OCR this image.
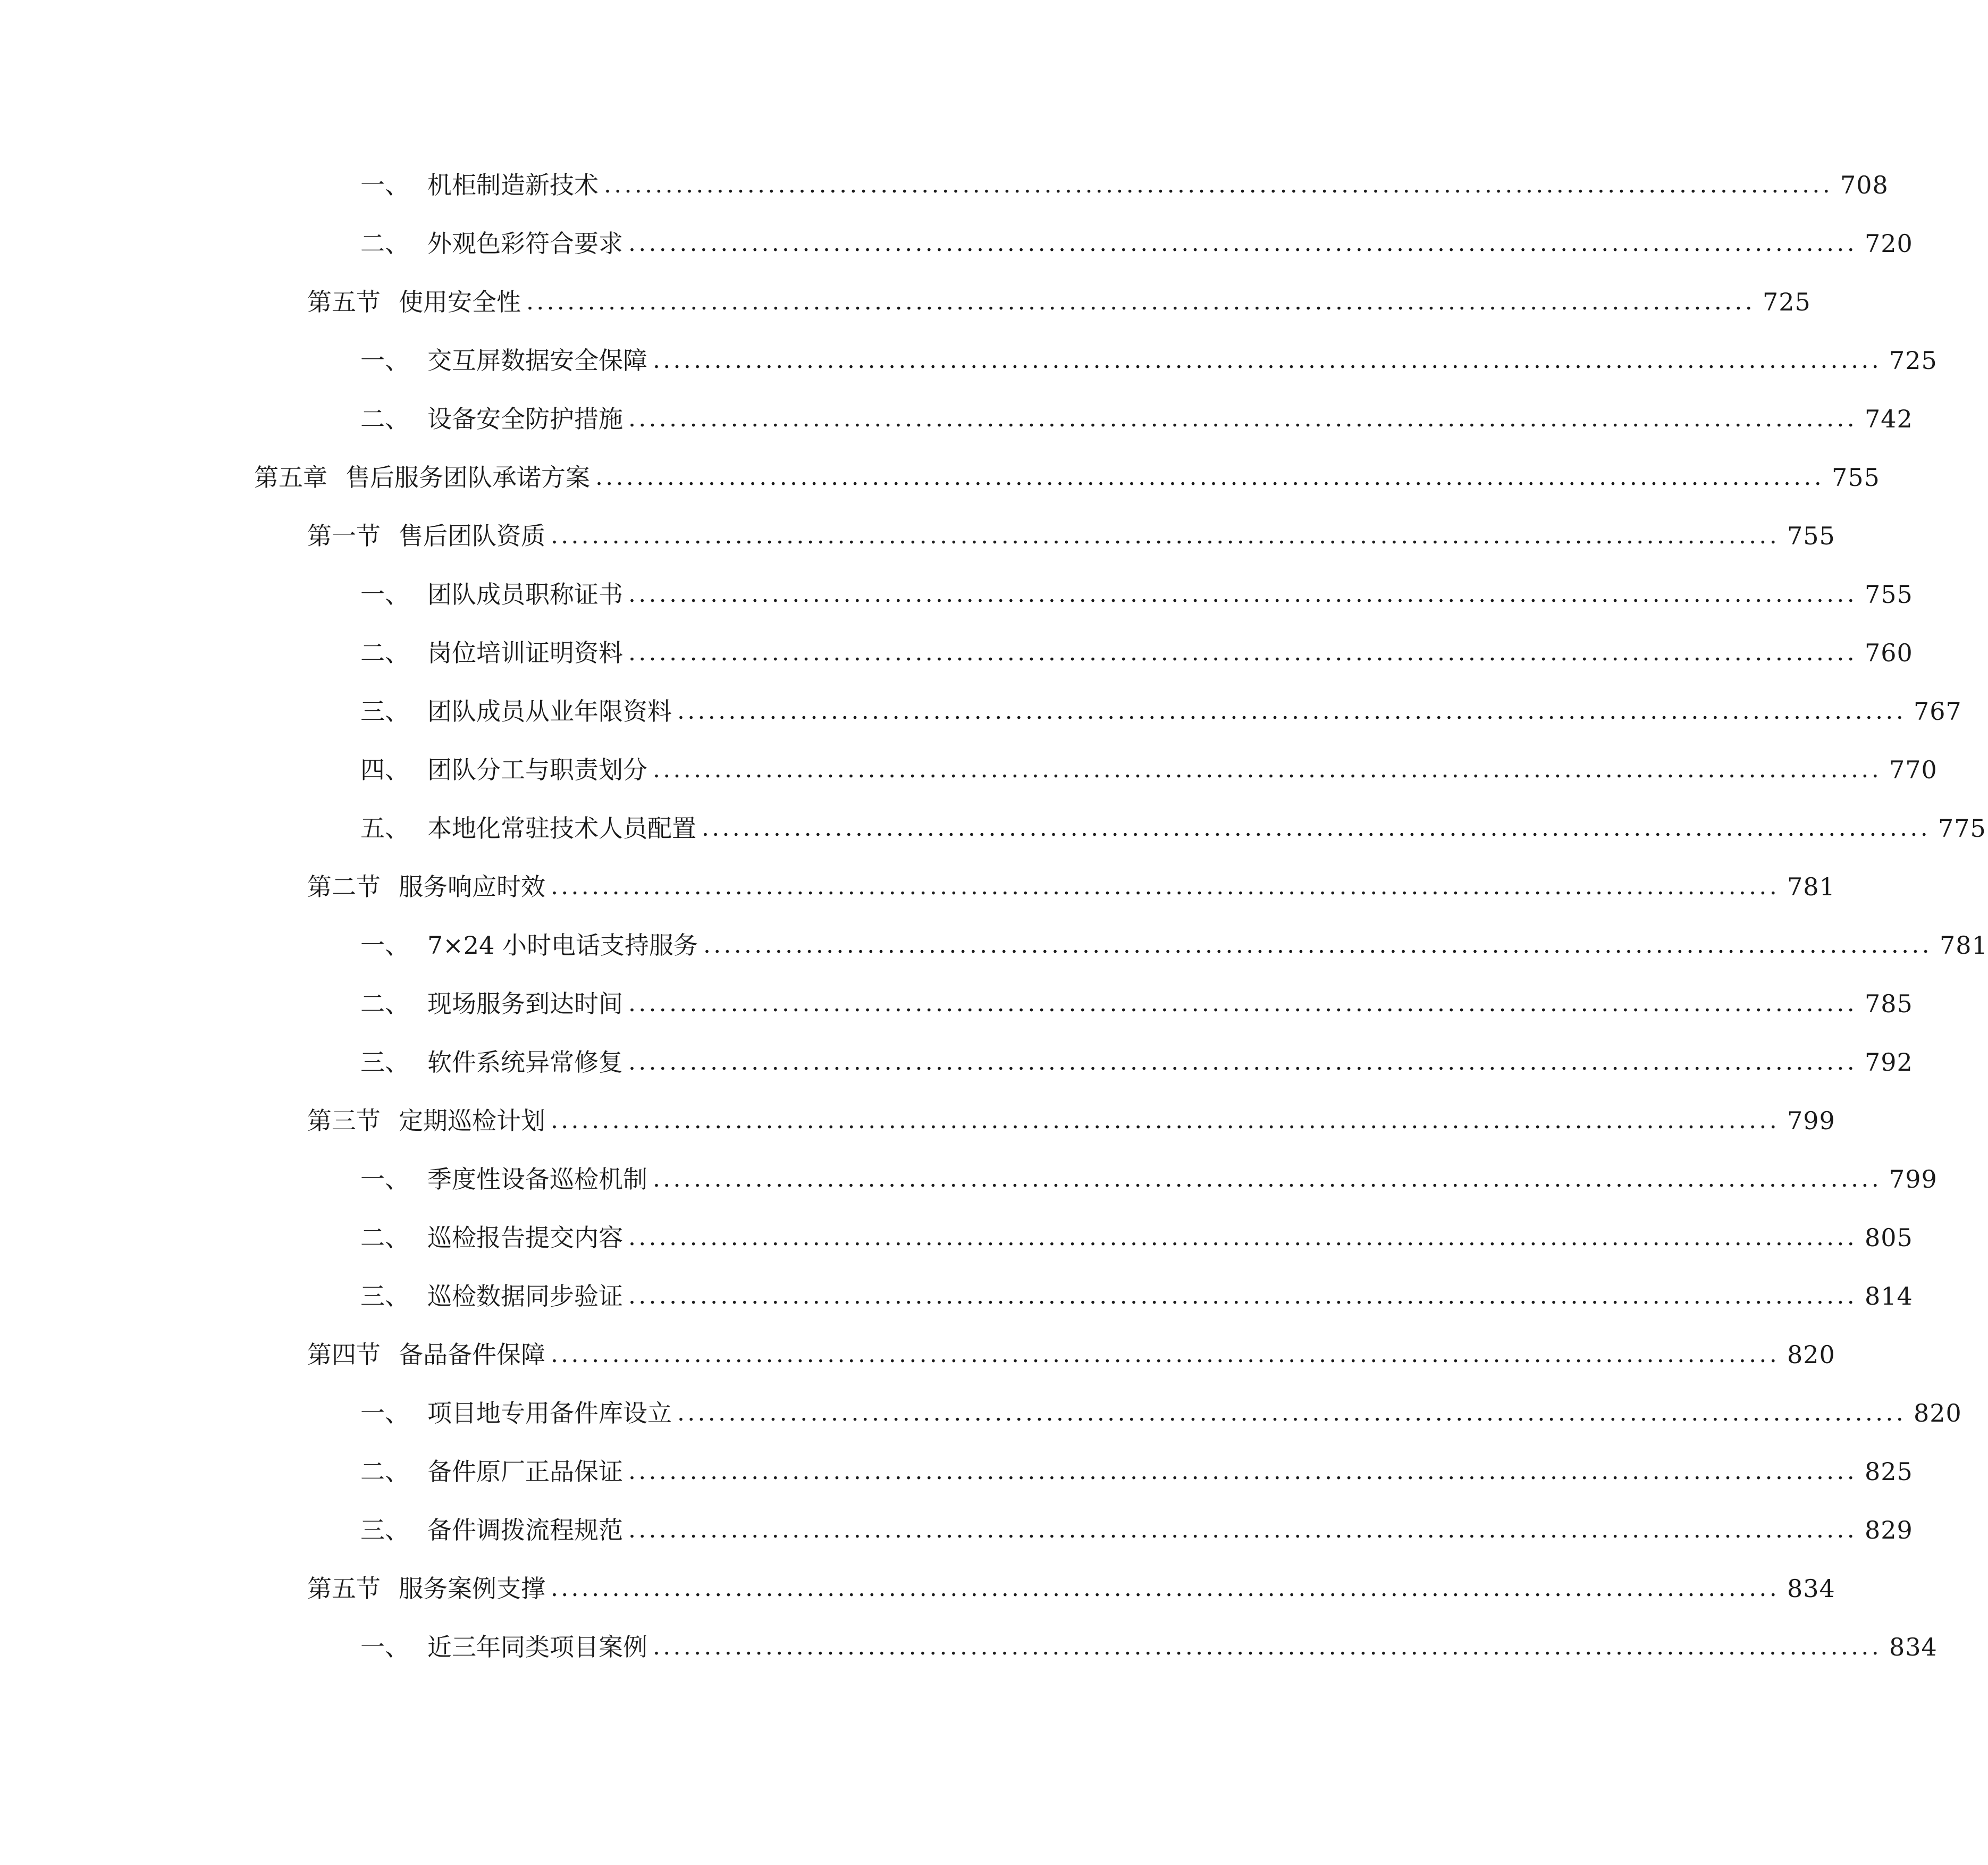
一、 机柜制造新技术 ........................................................................................................................ 708
二、 外观色彩符合要求 ........................................................................................................................ 720
第五节 使用安全性 ........................................................................................................................ 725
一、 交互屏数据安全保障 ........................................................................................................................ 725
二、 设备安全防护措施 ........................................................................................................................ 742
第五章 售后服务团队承诺方案 ........................................................................................................................ 755
第一节 售后团队资质 ........................................................................................................................ 755
一、 团队成员职称证书 ........................................................................................................................ 755
二、 岗位培训证明资料 ........................................................................................................................ 760
三、 团队成员从业年限资料 ........................................................................................................................ 767
四、 团队分工与职责划分 ........................................................................................................................ 770
五、 本地化常驻技术人员配置 ........................................................................................................................ 775
第二节 服务响应时效 ........................................................................................................................ 781
一、 7×24 小时电话支持服务 ........................................................................................................................ 781
二、 现场服务到达时间 ........................................................................................................................ 785
三、 软件系统异常修复 ........................................................................................................................ 792
第三节 定期巡检计划 ........................................................................................................................ 799
一、 季度性设备巡检机制 ........................................................................................................................ 799
二、 巡检报告提交内容 ........................................................................................................................ 805
三、 巡检数据同步验证 ........................................................................................................................ 814
第四节 备品备件保障 ........................................................................................................................ 820
一、 项目地专用备件库设立 ........................................................................................................................ 820
二、 备件原厂正品保证 ........................................................................................................................ 825
三、 备件调拨流程规范 ........................................................................................................................ 829
第五节 服务案例支撑 ........................................................................................................................ 834
一、 近三年同类项目案例 ........................................................................................................................ 834
